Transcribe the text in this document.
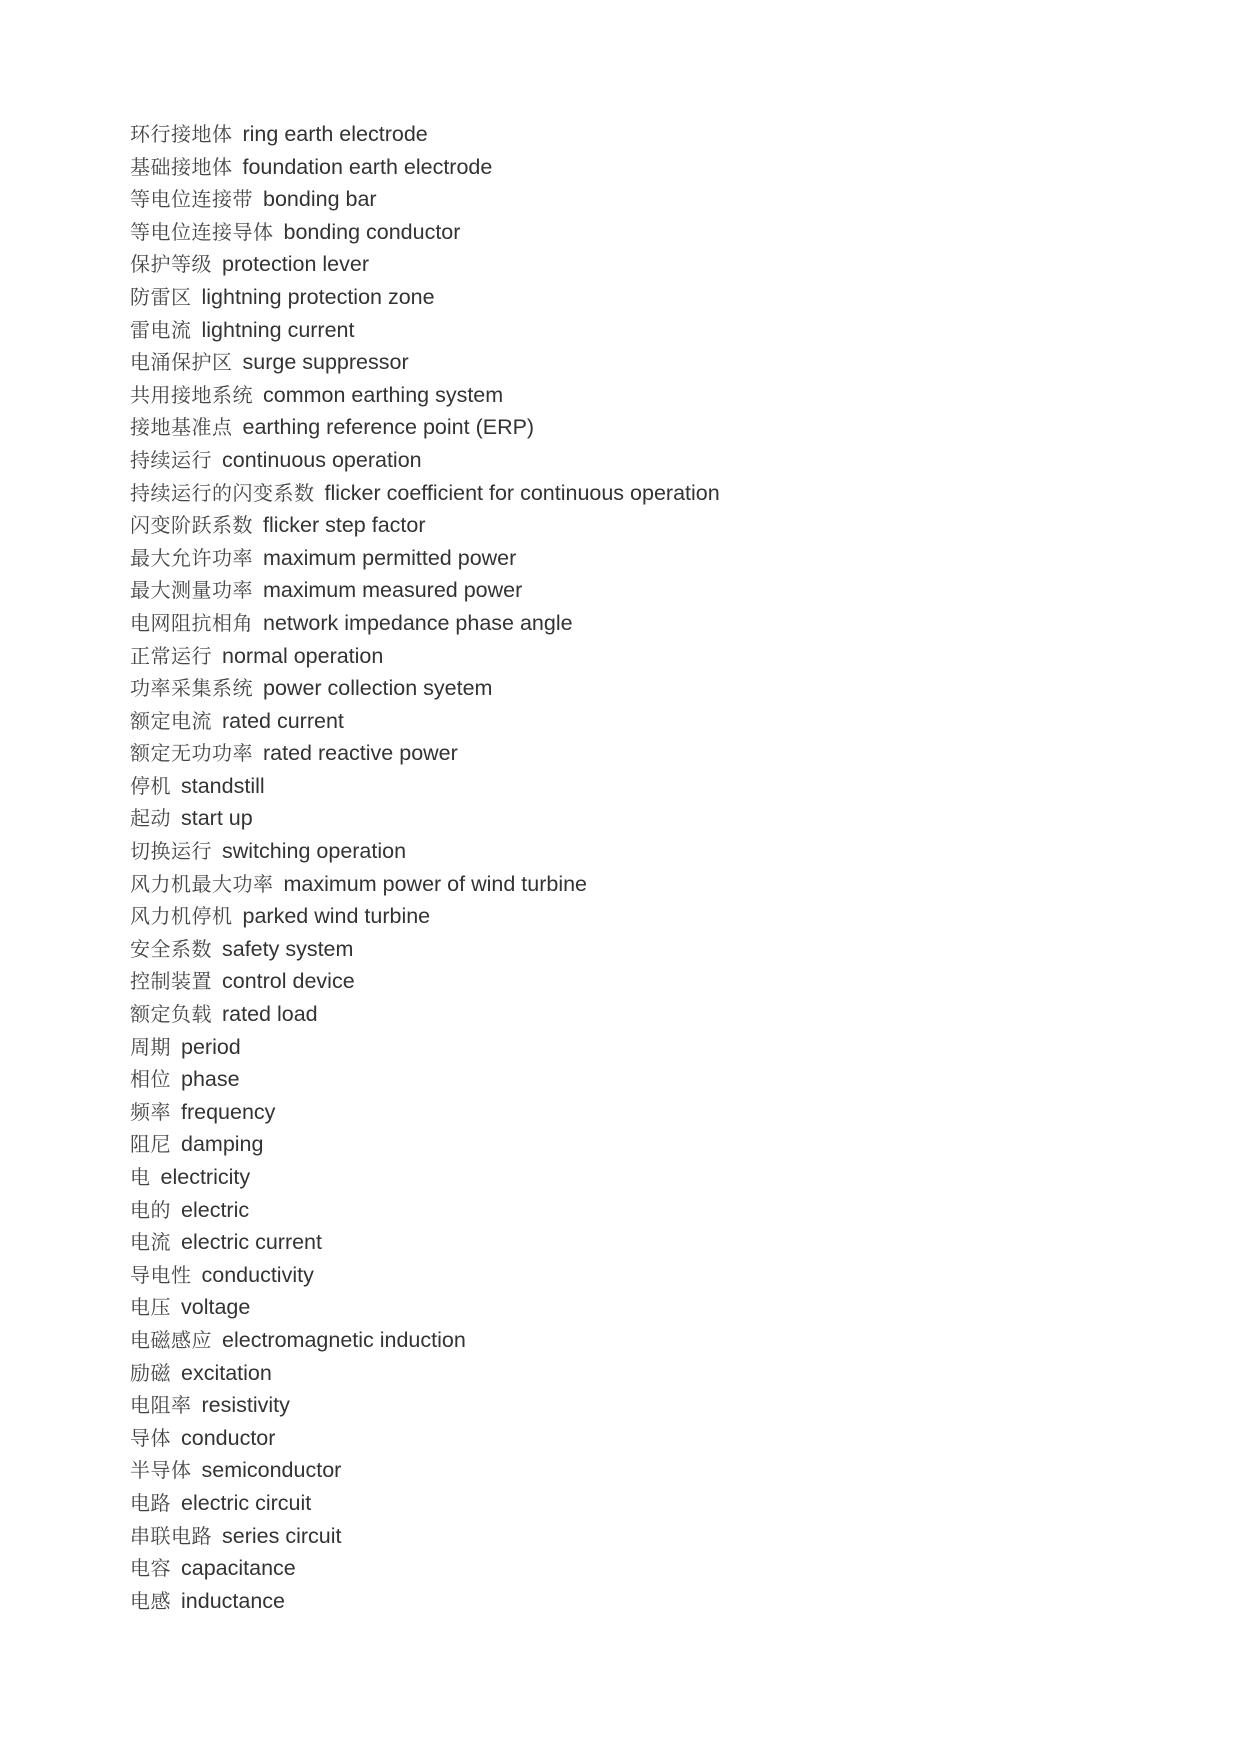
环行接地体 ring earth electrode
基础接地体 foundation earth electrode
等电位连接带 bonding bar
等电位连接导体 bonding conductor
保护等级 protection lever
防雷区 lightning protection zone
雷电流 lightning current
电涌保护区 surge suppressor
共用接地系统 common earthing system
接地基准点 earthing reference point (ERP)
持续运行 continuous operation
持续运行的闪变系数 flicker coefficient for continuous operation
闪变阶跃系数 flicker step factor
最大允许功率 maximum permitted power
最大测量功率 maximum measured power
电网阻抗相角 network impedance phase angle
正常运行 normal operation
功率采集系统 power collection syetem
额定电流 rated current
额定无功功率 rated reactive power
停机 standstill
起动 start up
切换运行 switching operation
风力机最大功率 maximum power of wind turbine
风力机停机 parked wind turbine
安全系数 safety system
控制装置 control device
额定负载 rated load
周期 period
相位 phase
频率 frequency
阻尼 damping
电 electricity
电的 electric
电流 electric current
导电性 conductivity
电压 voltage
电磁感应 electromagnetic induction
励磁 excitation
电阻率 resistivity
导体 conductor
半导体 semiconductor
电路 electric circuit
串联电路 series circuit
电容 capacitance
电感 inductance
